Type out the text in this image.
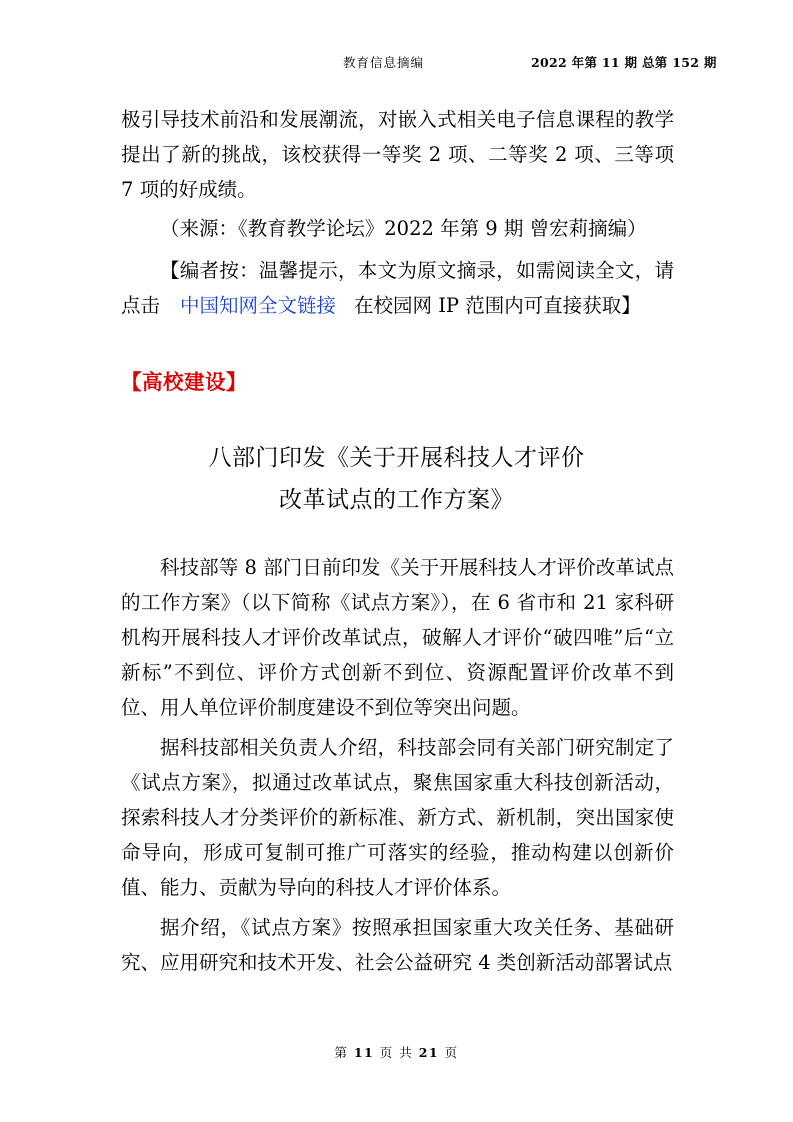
教育信息摘编	2022 年第 11 期 总第 152 期
极引导技术前沿和发展潮流，对嵌入式相关电子信息课程的教学提出了新的挑战，该校获得一等奖 2 项、二等奖 2 项、三等项 7 项的好成绩。
（来源：《教育教学论坛》2022 年第 9 期 曾宏莉摘编）
【编者按：温馨提示，本文为原文摘录，如需阅读全文，请点击 中国知网全文链接 在校园网 IP 范围内可直接获取】
【高校建设】
八部门印发《关于开展科技人才评价
改革试点的工作方案》

科技部等 8 部门日前印发《关于开展科技人才评价改革试点的工作方案》（以下简称《试点方案》），在 6 省市和 21 家科研机构开展科技人才评价改革试点，破解人才评价“破四唯”后“立新标”不到位、评价方式创新不到位、资源配置评价改革不到位、用人单位评价制度建设不到位等突出问题。

据科技部相关负责人介绍，科技部会同有关部门研究制定了《试点方案》，拟通过改革试点，聚焦国家重大科技创新活动，探索科技人才分类评价的新标准、新方式、新机制，突出国家使命导向，形成可复制可推广可落实的经验，推动构建以创新价值、能力、贡献为导向的科技人才评价体系。

据介绍，《试点方案》按照承担国家重大攻关任务、基础研究、应用研究和技术开发、社会公益研究 4 类创新活动部署试点

第 11 页 共 21 页
